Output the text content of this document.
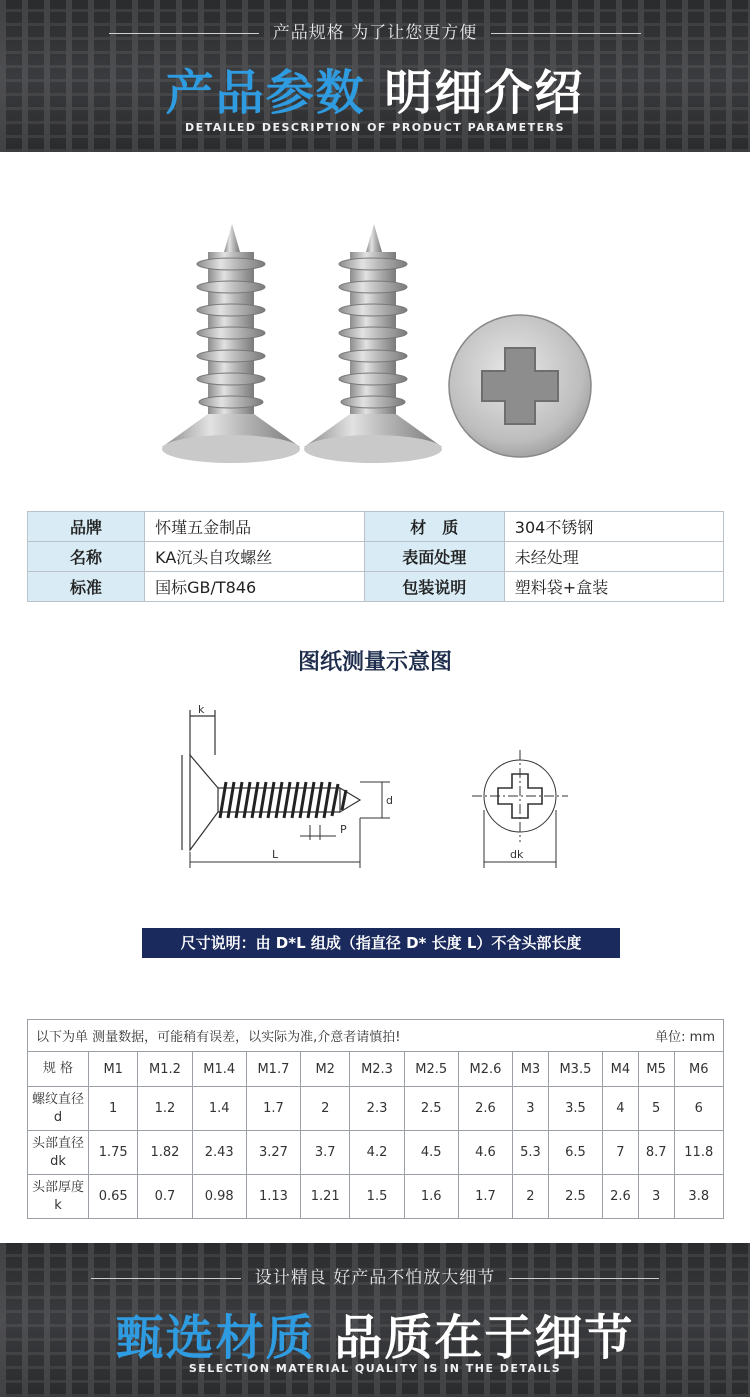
产品规格 为了让您更方便
产品参数 明细介绍
DETAILED DESCRIPTION OF PRODUCT PARAMETERS
品牌	怀瑾五金制品	材　质	304不锈钢
名称	KA沉头自攻螺丝	表面处理	未经处理
标准	国标GB/T846	包装说明	塑料袋+盒装
图纸测量示意图
k
d
P
L	dk
尺寸说明：由 D*L 组成（指直径 D* 长度 L）不含头部长度
以下为单 测量数据，可能稍有误差，以实际为准,介意者请慎拍! 单位: mm													

规 格	M1	M1.2	M1.4	M1.7	M2	M2.3	M2.5	M2.6	M3	M3.5	M4	M5	M6
螺纹直径 d	1	1.2	1.4	1.7	2	2.3	2.5	2.6	3	3.5	4	5	6
头部直径 dk	1.75	1.82	2.43	3.27	3.7	4.2	4.5	4.6	5.3	6.5	7	8.7	11.8
头部厚度 k	0.65	0.7	0.98	1.13	1.21	1.5	1.6	1.7	2	2.5	2.6	3	3.8
设计精良 好产品不怕放大细节
甄选材质 品质在于细节
SELECTION MATERIAL QUALITY IS IN THE DETAILS
